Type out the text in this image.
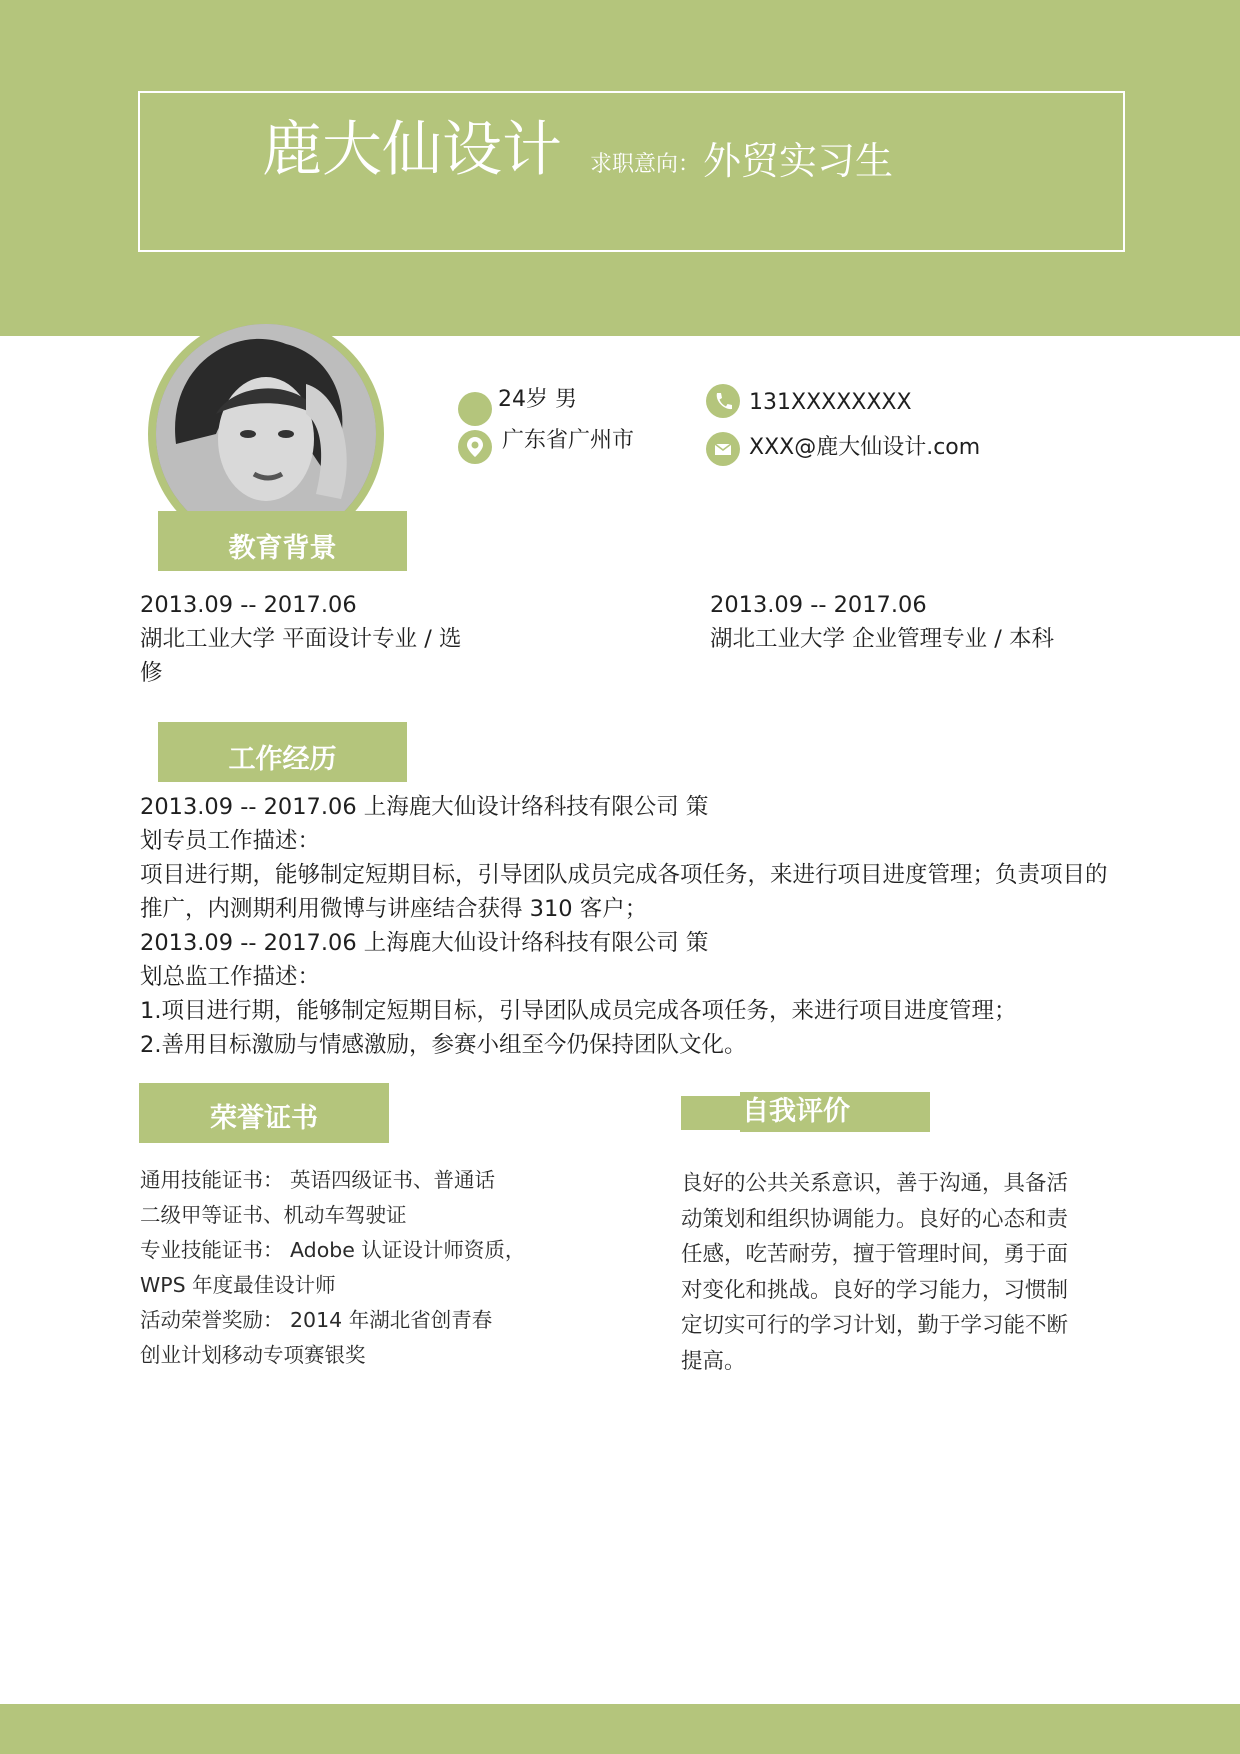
鹿大仙设计 求职意向： 外贸实习生
24岁 男
广东省广州市
131XXXXXXXX
XXX@鹿大仙设计.com
教育背景
2013.09 -- 2017.06
湖北工业大学 平面设计专业 / 选
修
2013.09 -- 2017.06
湖北工业大学 企业管理专业 / 本科
工作经历
2013.09 -- 2017.06 上海鹿大仙设计络科技有限公司 策
划专员工作描述：
项目进行期，能够制定短期目标，引导团队成员完成各项任务，来进行项目进度管理；负责项目的
推广，内测期利用微博与讲座结合获得 310 客户；
2013.09 -- 2017.06 上海鹿大仙设计络科技有限公司 策
划总监工作描述：
1.项目进行期，能够制定短期目标，引导团队成员完成各项任务，来进行项目进度管理；
2.善用目标激励与情感激励，参赛小组至今仍保持团队文化。
荣誉证书
通用技能证书： 英语四级证书、普通话
二级甲等证书、机动车驾驶证
专业技能证书： Adobe 认证设计师资质，
WPS 年度最佳设计师
活动荣誉奖励： 2014 年湖北省创青春
创业计划移动专项赛银奖
自我评价
良好的公共关系意识，善于沟通，具备活
动策划和组织协调能力。良好的心态和责
任感，吃苦耐劳，擅于管理时间，勇于面
对变化和挑战。良好的学习能力，习惯制
定切实可行的学习计划，勤于学习能不断
提高。
